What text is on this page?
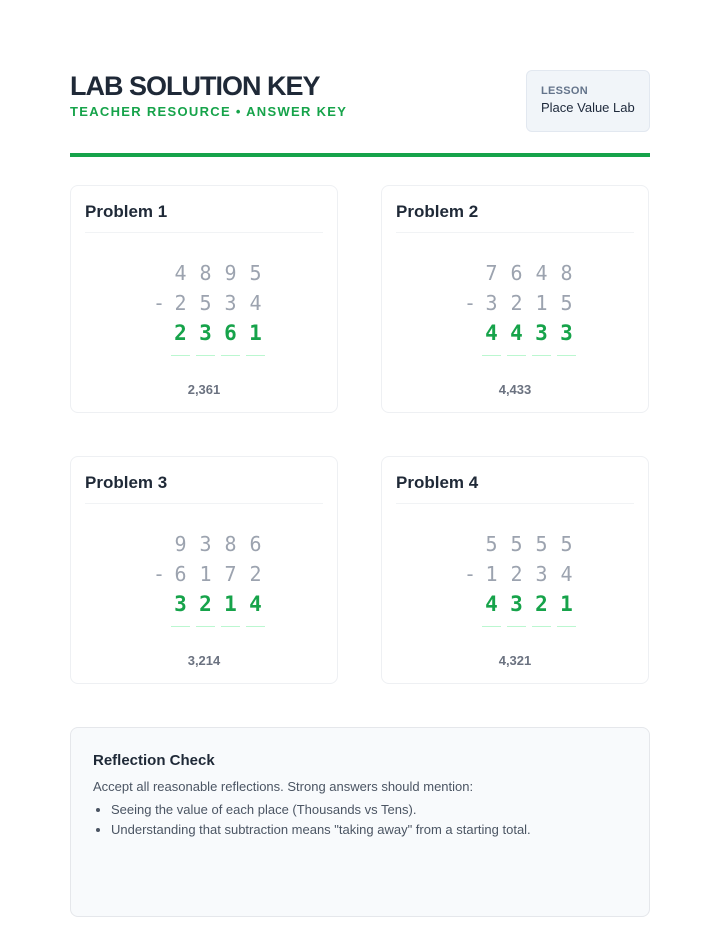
LAB SOLUTION KEY
TEACHER RESOURCE • ANSWER KEY
LESSON
Place Value Lab
Problem 1
4 8 9 5
- 2 5 3 4
2 3 6 1
2,361
Problem 2
7 6 4 8
- 3 2 1 5
4 4 3 3
4,433
Problem 3
9 3 8 6
- 6 1 7 2
3 2 1 4
3,214
Problem 4
5 5 5 5
- 1 2 3 4
4 3 2 1
4,321
Reflection Check
Accept all reasonable reflections. Strong answers should mention:
• Seeing the value of each place (Thousands vs Tens).
• Understanding that subtraction means "taking away" from a starting total.
